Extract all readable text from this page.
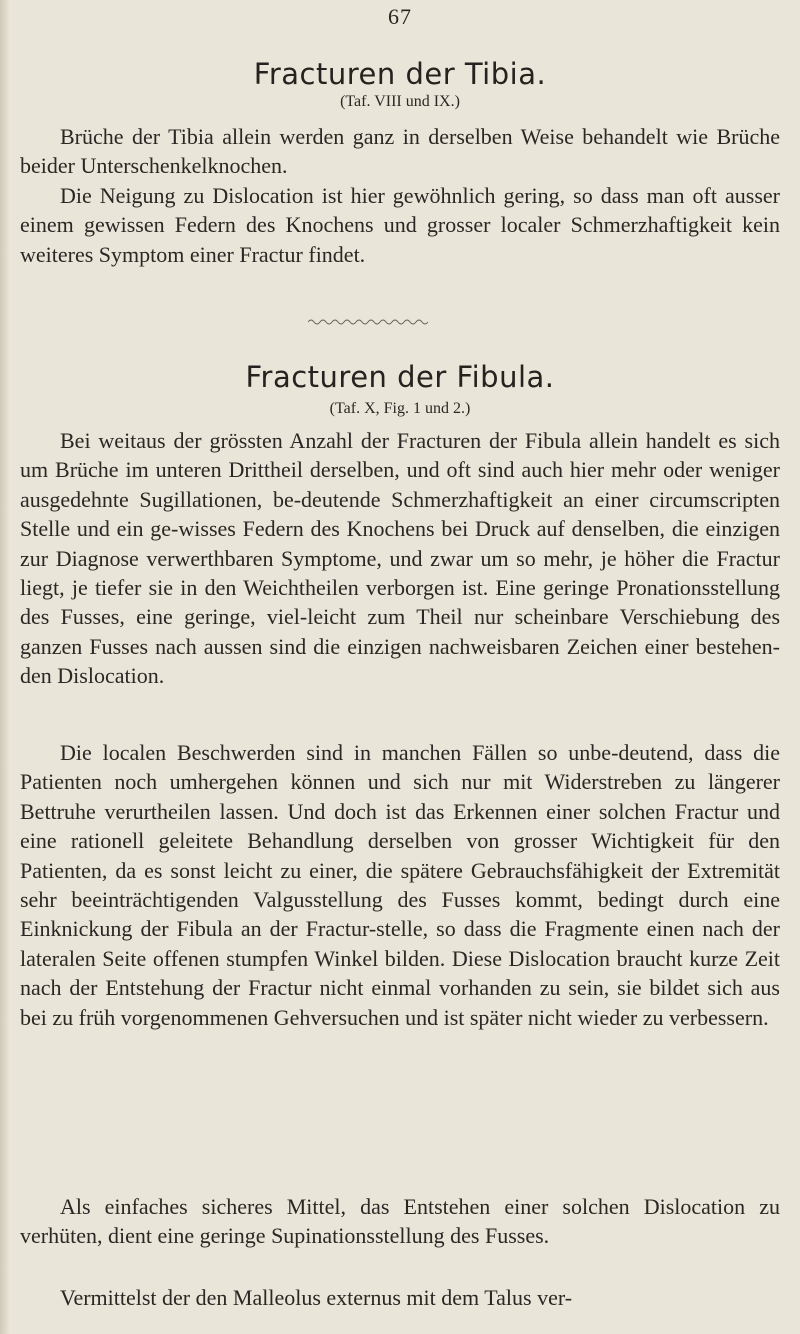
67
Fracturen der Tibia.
(Taf. VIII und IX.)

Brüche der Tibia allein werden ganz in derselben Weise behandelt wie Brüche beider Unterschenkelknochen.

Die Neigung zu Dislocation ist hier gewöhnlich gering, so dass man oft ausser einem gewissen Federn des Knochens und grosser localer Schmerzhaftigkeit kein weiteres Symptom einer Fractur findet.

Fracturen der Fibula.
(Taf. X, Fig. 1 und 2.)

Bei weitaus der grössten Anzahl der Fracturen der Fibula allein handelt es sich um Brüche im unteren Drittheil derselben, und oft sind auch hier mehr oder weniger ausgedehnte Sugillationen, be-deutende Schmerzhaftigkeit an einer circumscripten Stelle und ein ge-wisses Federn des Knochens bei Druck auf denselben, die einzigen zur Diagnose verwerthbaren Symptome, und zwar um so mehr, je höher die Fractur liegt, je tiefer sie in den Weichtheilen verborgen ist. Eine geringe Pronationsstellung des Fusses, eine geringe, viel-leicht zum Theil nur scheinbare Verschiebung des ganzen Fusses nach aussen sind die einzigen nachweisbaren Zeichen einer bestehen-den Dislocation.

Die localen Beschwerden sind in manchen Fällen so unbe-deutend, dass die Patienten noch umhergehen können und sich nur mit Widerstreben zu längerer Bettruhe verurtheilen lassen. Und doch ist das Erkennen einer solchen Fractur und eine rationell geleitete Behandlung derselben von grosser Wichtigkeit für den Patienten, da es sonst leicht zu einer, die spätere Gebrauchsfähigkeit der Extremität sehr beeinträchtigenden Valgusstellung des Fusses kommt, bedingt durch eine Einknickung der Fibula an der Fractur-stelle, so dass die Fragmente einen nach der lateralen Seite offenen stumpfen Winkel bilden. Diese Dislocation braucht kurze Zeit nach der Entstehung der Fractur nicht einmal vorhanden zu sein, sie bildet sich aus bei zu früh vorgenommenen Gehversuchen und ist später nicht wieder zu verbessern.

Als einfaches sicheres Mittel, das Entstehen einer solchen Dislocation zu verhüten, dient eine geringe Supinationsstellung des Fusses.

Vermittelst der den Malleolus externus mit dem Talus ver-
